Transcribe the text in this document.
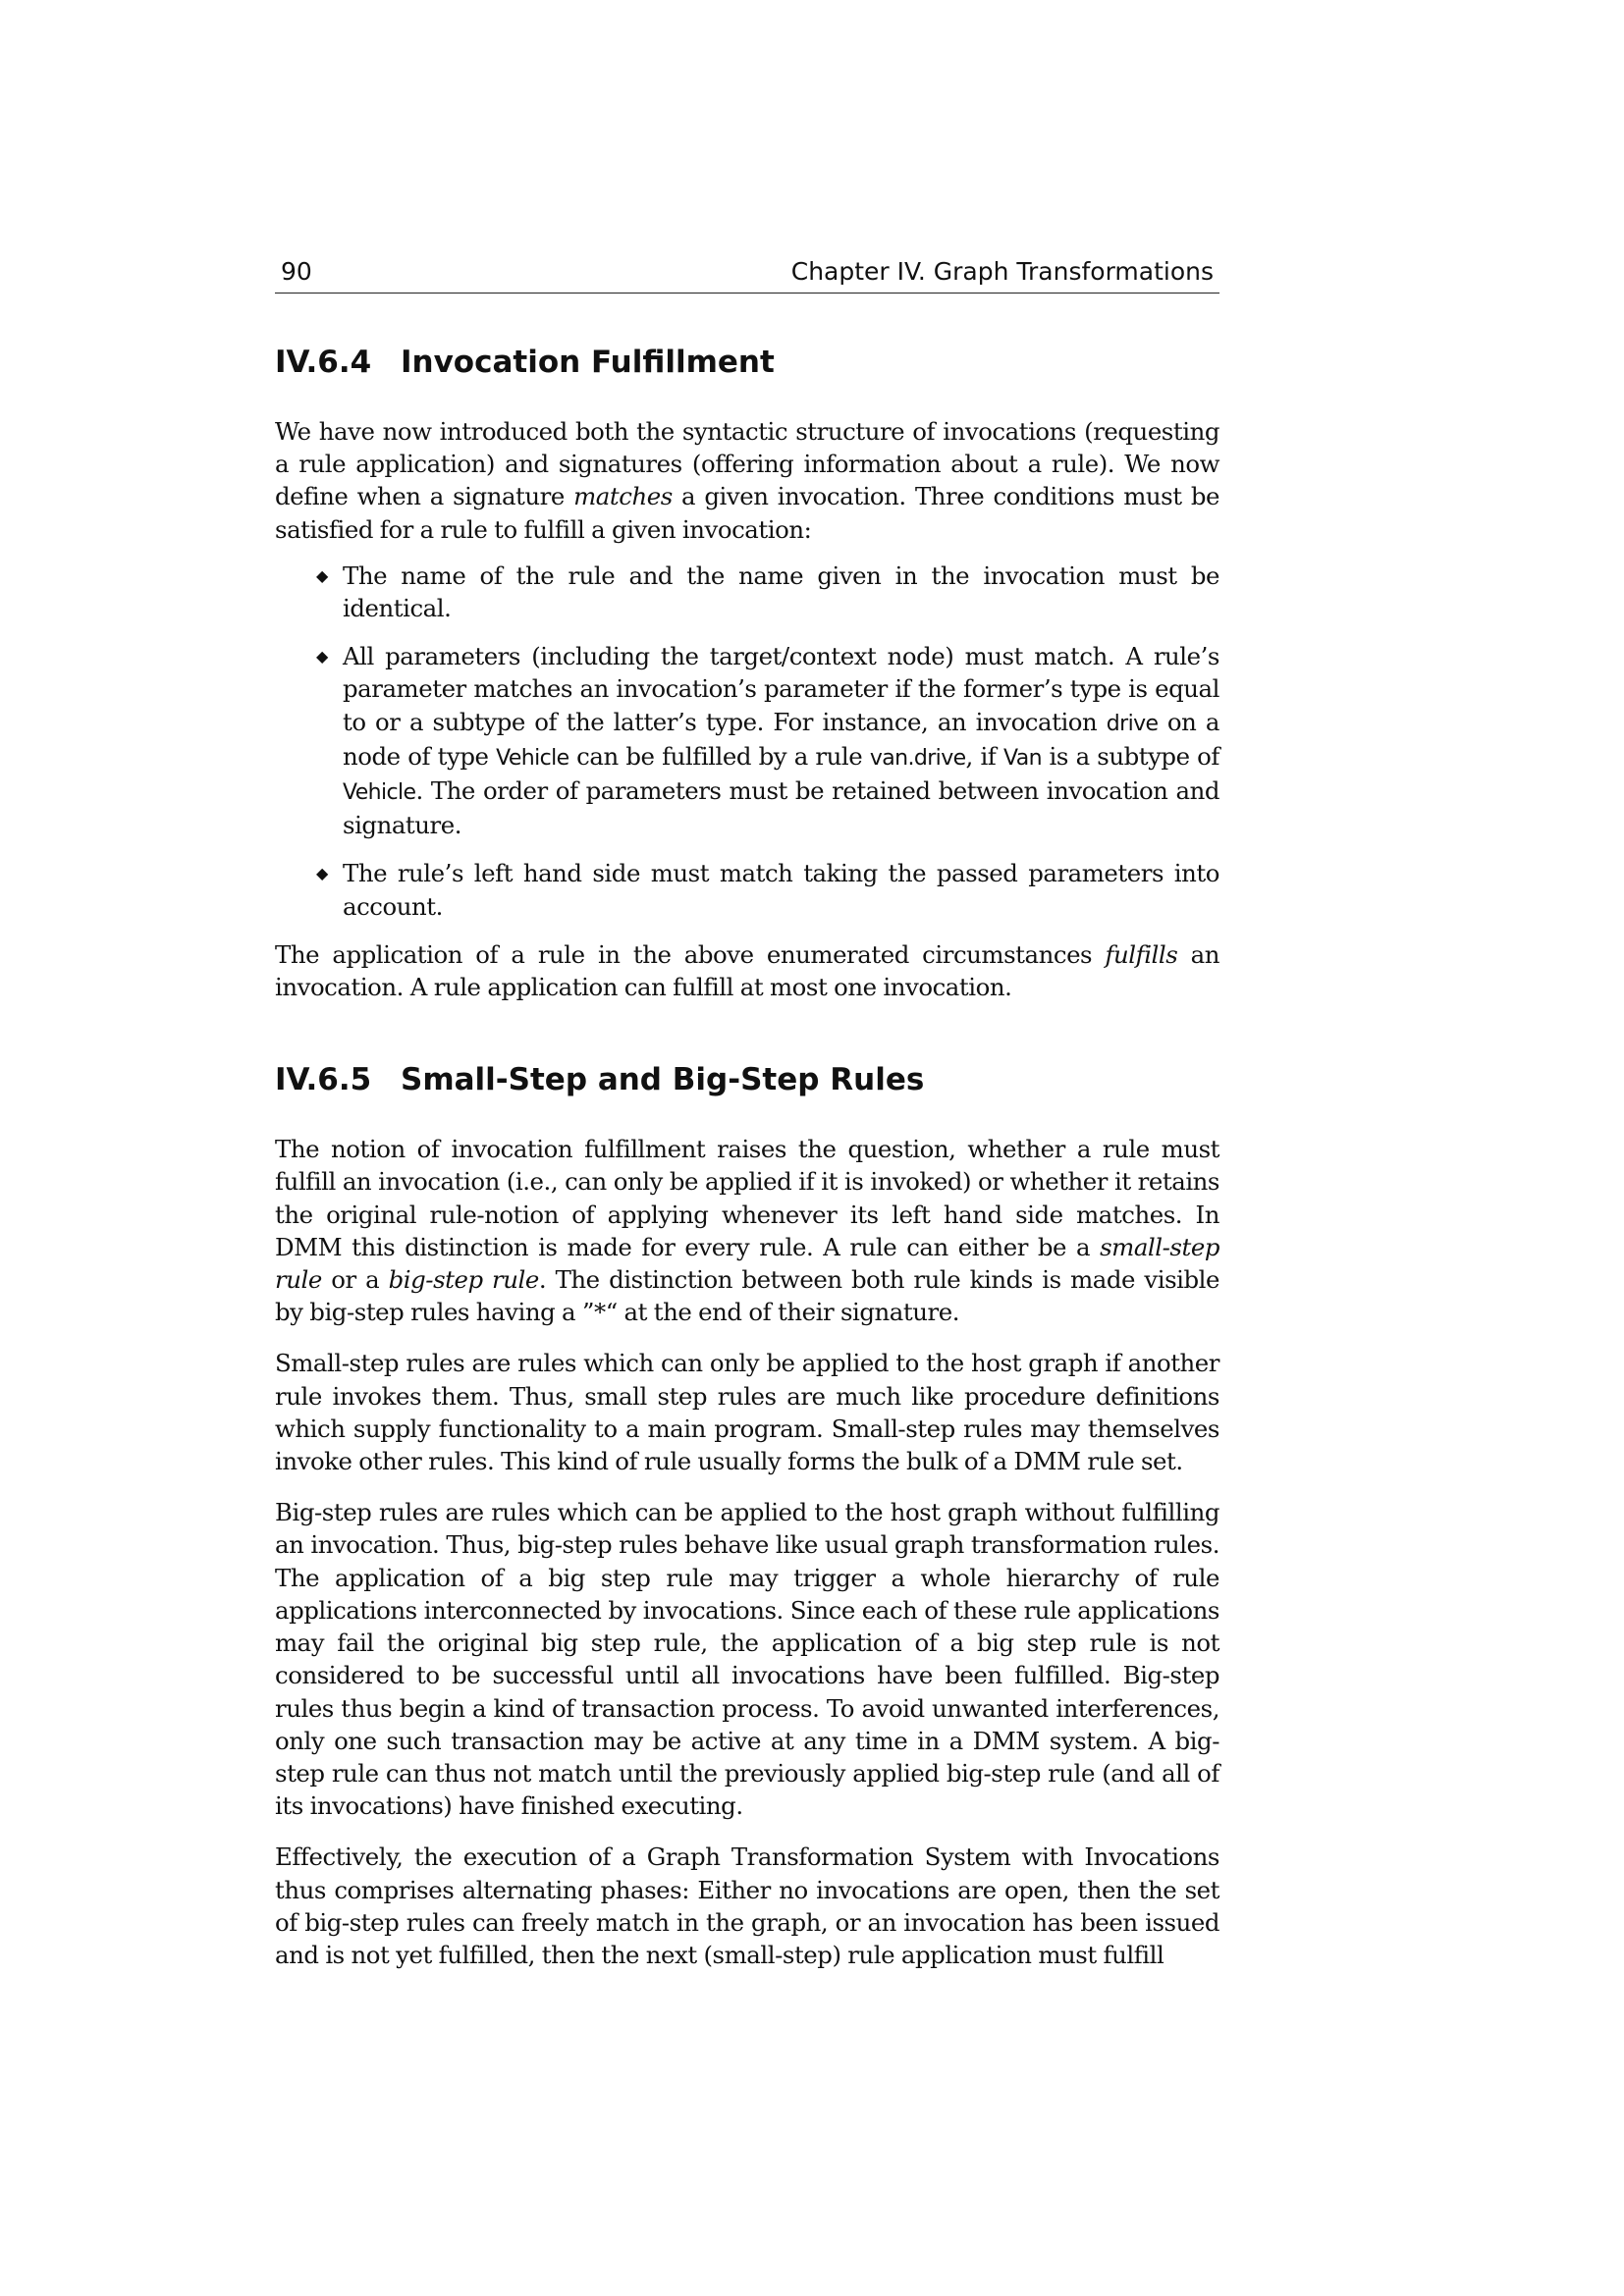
90	Chapter IV. Graph Transformations
IV.6.4 Invocation Fulfillment

We have now introduced both the syntactic structure of invocations (requesting a rule application) and signatures (offering information about a rule). We now define when a signature matches a given invocation. Three conditions must be satisfied for a rule to fulfill a given invocation:

◆ The name of the rule and the name given in the invocation must be identical.
◆ All parameters (including the target/context node) must match. A rule’s parameter matches an invocation’s parameter if the former’s type is equal to or a subtype of the latter’s type. For instance, an invocation drive on a node of type Vehicle can be fulfilled by a rule van.drive, if Van is a subtype of Vehicle. The order of parameters must be retained between invocation and signature.
◆ The rule’s left hand side must match taking the passed parameters into account.

The application of a rule in the above enumerated circumstances fulfills an invocation. A rule application can fulfill at most one invocation.

IV.6.5 Small-Step and Big-Step Rules

The notion of invocation fulfillment raises the question, whether a rule must fulfill an invocation (i.e., can only be applied if it is invoked) or whether it retains the original rule-notion of applying whenever its left hand side matches. In DMM this distinction is made for every rule. A rule can either be a small-step rule or a big-step rule. The distinction between both rule kinds is made visible by big-step rules having a ”*“ at the end of their signature.

Small-step rules are rules which can only be applied to the host graph if another rule invokes them. Thus, small step rules are much like procedure definitions which supply functionality to a main program. Small-step rules may themselves invoke other rules. This kind of rule usually forms the bulk of a DMM rule set.

Big-step rules are rules which can be applied to the host graph without fulfilling an invocation. Thus, big-step rules behave like usual graph transformation rules. The application of a big step rule may trigger a whole hierarchy of rule applications interconnected by invocations. Since each of these rule applications may fail the original big step rule, the application of a big step rule is not considered to be successful until all invocations have been fulfilled. Big-step rules thus begin a kind of transaction process. To avoid unwanted interferences, only one such transaction may be active at any time in a DMM system. A big-step rule can thus not match until the previously applied big-step rule (and all of its invocations) have finished executing.

Effectively, the execution of a Graph Transformation System with Invocations thus comprises alternating phases: Either no invocations are open, then the set of big-step rules can freely match in the graph, or an invocation has been issued and is not yet fulfilled, then the next (small-step) rule application must fulfill
